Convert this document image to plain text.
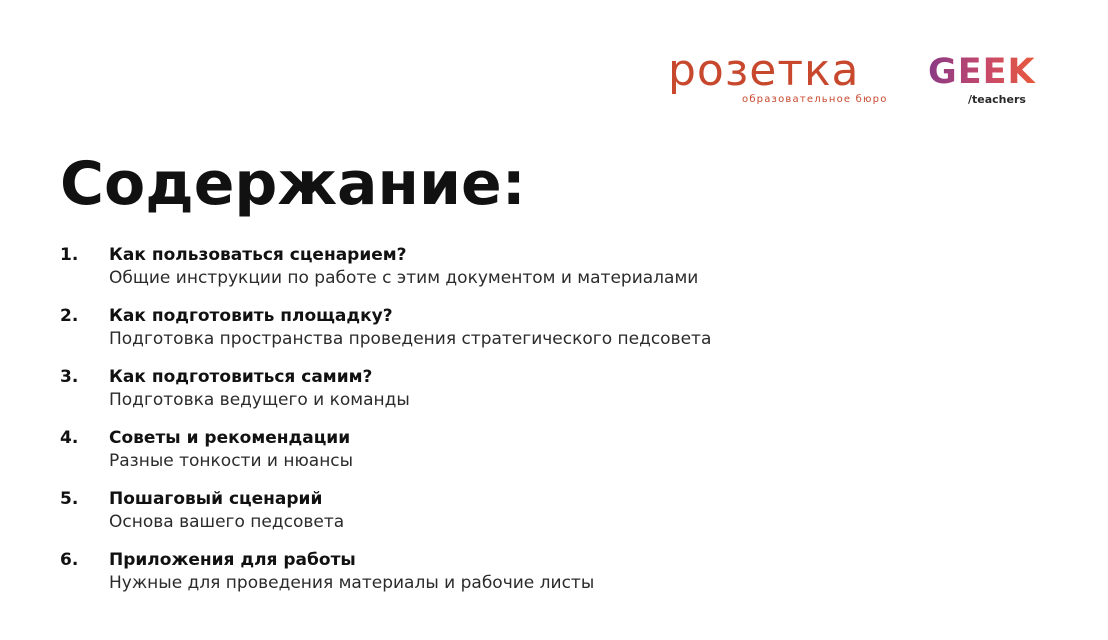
розетка
образовательное бюро
GEEK
/teachers
Содержание:
1. Как пользоваться сценарием?
Общие инструкции по работе с этим документом и материалами
2. Как подготовить площадку?
Подготовка пространства проведения стратегического педсовета
3. Как подготовиться самим?
Подготовка ведущего и команды
4. Советы и рекомендации
Разные тонкости и нюансы
5. Пошаговый сценарий
Основа вашего педсовета
6. Приложения для работы
Нужные для проведения материалы и рабочие листы
